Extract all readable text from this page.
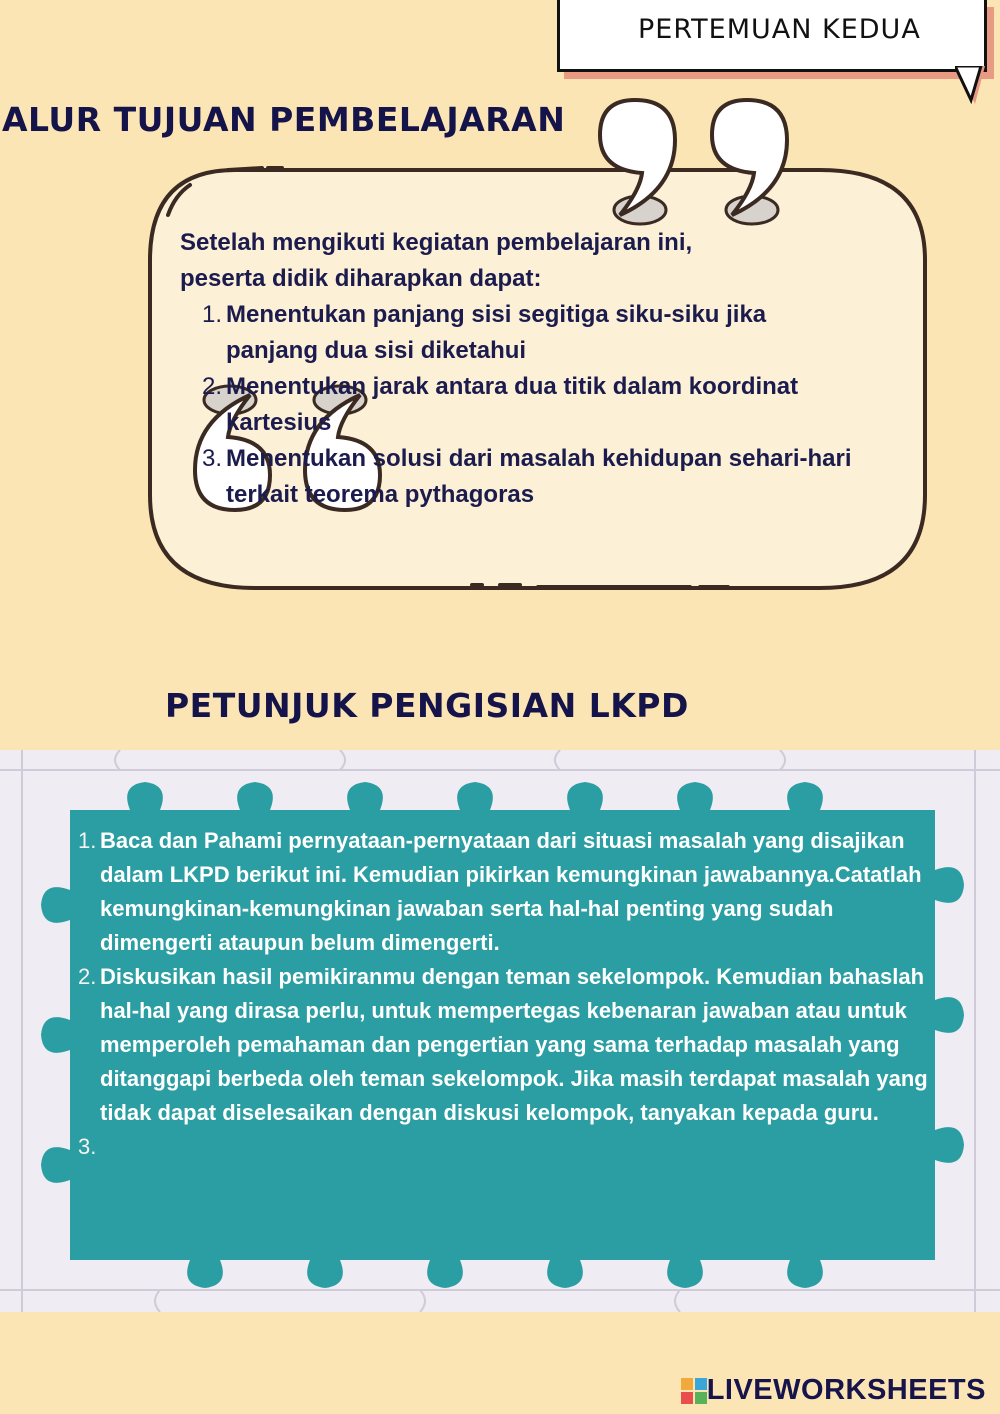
PERTEMUAN KEDUA
ALUR TUJUAN PEMBELAJARAN

Setelah mengikuti kegiatan pembelajaran ini,

peserta didik diharapkan dapat:

1. Menentukan panjang sisi segitiga siku-siku jika panjang dua sisi diketahui
2. Menentukan jarak antara dua titik dalam koordinat kartesius
3. Menentukan solusi dari masalah kehidupan sehari-hari terkait teorema pythagoras
PETUNJUK PENGISIAN LKPD
1. Baca dan Pahami pernyataan-pernyataan dari situasi masalah yang disajikan dalam LKPD berikut ini. Kemudian pikirkan kemungkinan jawabannya.Catatlah kemungkinan-kemungkinan jawaban serta hal-hal penting yang sudah dimengerti ataupun belum dimengerti.
2. Diskusikan hasil pemikiranmu dengan teman sekelompok. Kemudian bahaslah hal-hal yang dirasa perlu, untuk mempertegas kebenaran jawaban atau untuk memperoleh pemahaman dan pengertian yang sama terhadap masalah yang ditanggapi berbeda oleh teman sekelompok. Jika masih terdapat masalah yang tidak dapat diselesaikan dengan diskusi kelompok, tanyakan kepada guru.
3.
LIVEWORKSHEETS
